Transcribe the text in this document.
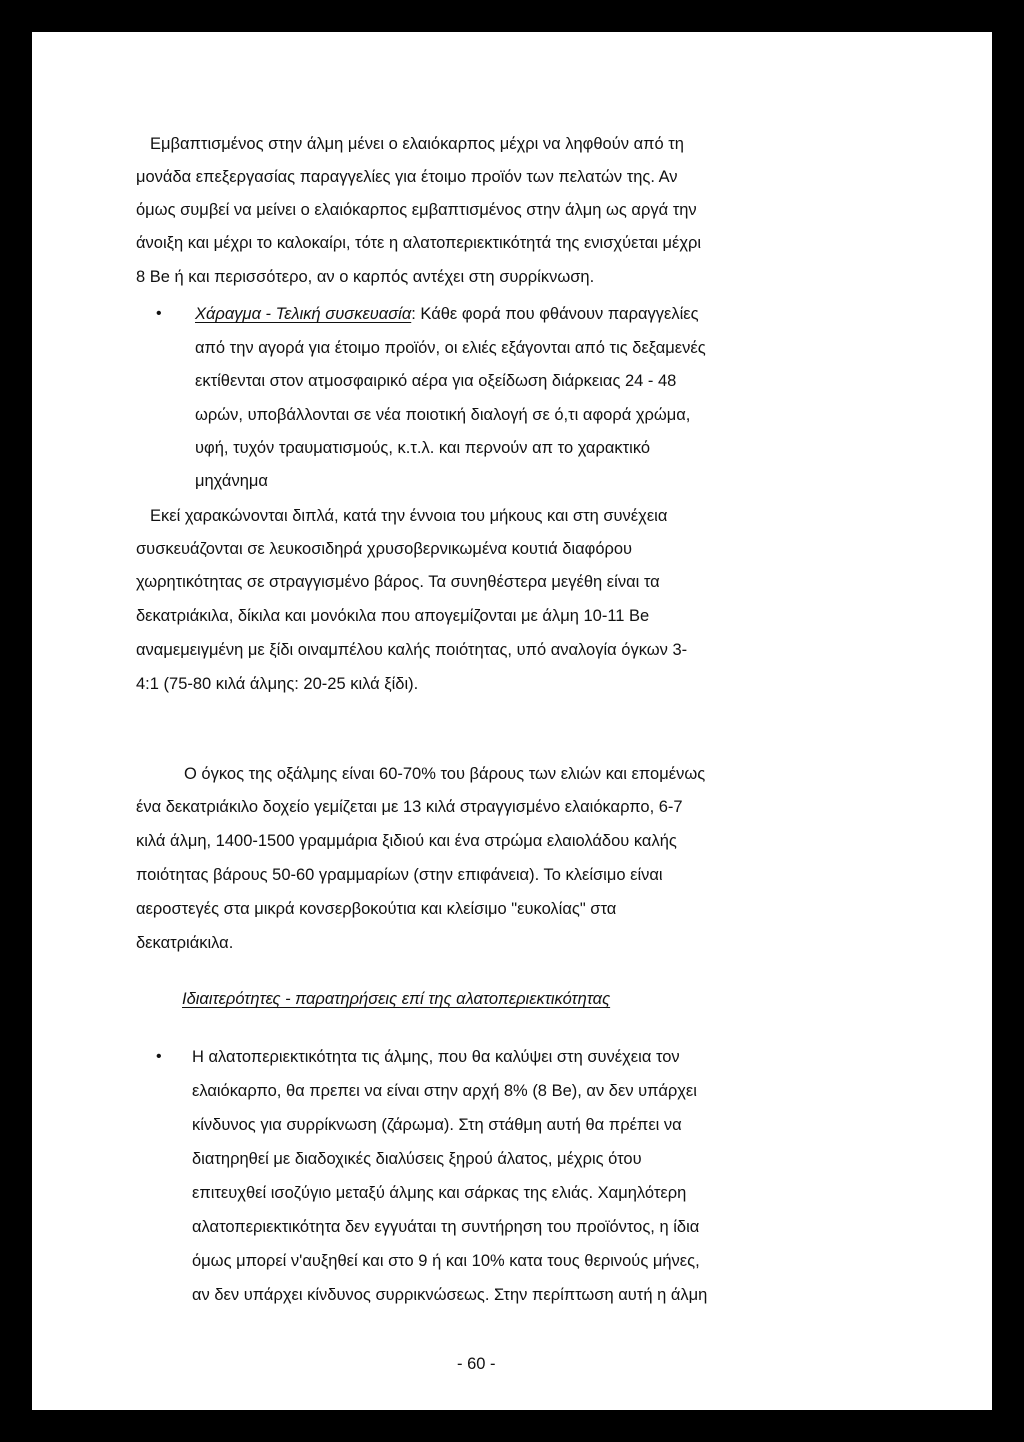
Εμβαπτισμένος στην άλμη μένει ο ελαιόκαρπος μέχρι να ληφθούν από τη
μονάδα επεξεργασίας παραγγελίες για έτοιμο προϊόν των πελατών της. Αν
όμως συμβεί να μείνει ο ελαιόκαρπος εμβαπτισμένος στην άλμη ως αργά την
άνοιξη και μέχρι το καλοκαίρι, τότε η αλατοπεριεκτικότητά της ενισχύεται μέχρι
8 Be ή και περισσότερο, αν ο καρπός αντέχει στη συρρίκνωση.
• Χάραγμα - Τελική συσκευασία: Κάθε φορά που φθάνουν παραγγελίες
από την αγορά για έτοιμο προϊόν, οι ελιές εξάγονται από τις δεξαμενές
εκτίθενται στον ατμοσφαιρικό αέρα για οξείδωση διάρκειας 24 - 48
ωρών, υποβάλλονται σε νέα ποιοτική διαλογή σε ό,τι αφορά χρώμα,
υφή, τυχόν τραυματισμούς, κ.τ.λ. και περνούν απ το χαρακτικό
μηχάνημα
Εκεί χαρακώνονται διπλά, κατά την έννοια του μήκους και στη συνέχεια
συσκευάζονται σε λευκοσιδηρά χρυσοβερνικωμένα κουτιά διαφόρου
χωρητικότητας σε στραγγισμένο βάρος. Τα συνηθέστερα μεγέθη είναι τα
δεκατριάκιλα, δίκιλα και μονόκιλα που απογεμίζονται με άλμη 10-11 Be
αναμεμειγμένη με ξίδι οιναμπέλου καλής ποιότητας, υπό αναλογία όγκων 3-
4:1 (75-80 κιλά άλμης: 20-25 κιλά ξίδι).
Ο όγκος της οξάλμης είναι 60-70% του βάρους των ελιών και επομένως
ένα δεκατριάκιλο δοχείο γεμίζεται με 13 κιλά στραγγισμένο ελαιόκαρπο, 6-7
κιλά άλμη, 1400-1500 γραμμάρια ξιδιού και ένα στρώμα ελαιολάδου καλής
ποιότητας βάρους 50-60 γραμμαρίων (στην επιφάνεια). Το κλείσιμο είναι
αεροστεγές στα μικρά κονσερβοκούτια και κλείσιμο "ευκολίας" στα
δεκατριάκιλα.
Ιδιαιτερότητες - παρατηρήσεις επί της αλατοπεριεκτικότητας
• Η αλατοπεριεκτικότητα τις άλμης, που θα καλύψει στη συνέχεια τον
ελαιόκαρπο, θα πρεπει να είναι στην αρχή 8% (8 Be), αν δεν υπάρχει
κίνδυνος για συρρίκνωση (ζάρωμα). Στη στάθμη αυτή θα πρέπει να
διατηρηθεί με διαδοχικές διαλύσεις ξηρού άλατος, μέχρις ότου
επιτευχθεί ισοζύγιο μεταξύ άλμης και σάρκας της ελιάς. Χαμηλότερη
αλατοπεριεκτικότητα δεν εγγυάται τη συντήρηση του προϊόντος, η ίδια
όμως μπορεί ν'αυξηθεί και στο 9 ή και 10% κατα τους θερινούς μήνες,
αν δεν υπάρχει κίνδυνος συρρικνώσεως. Στην περίπτωση αυτή η άλμη
- 60 -
